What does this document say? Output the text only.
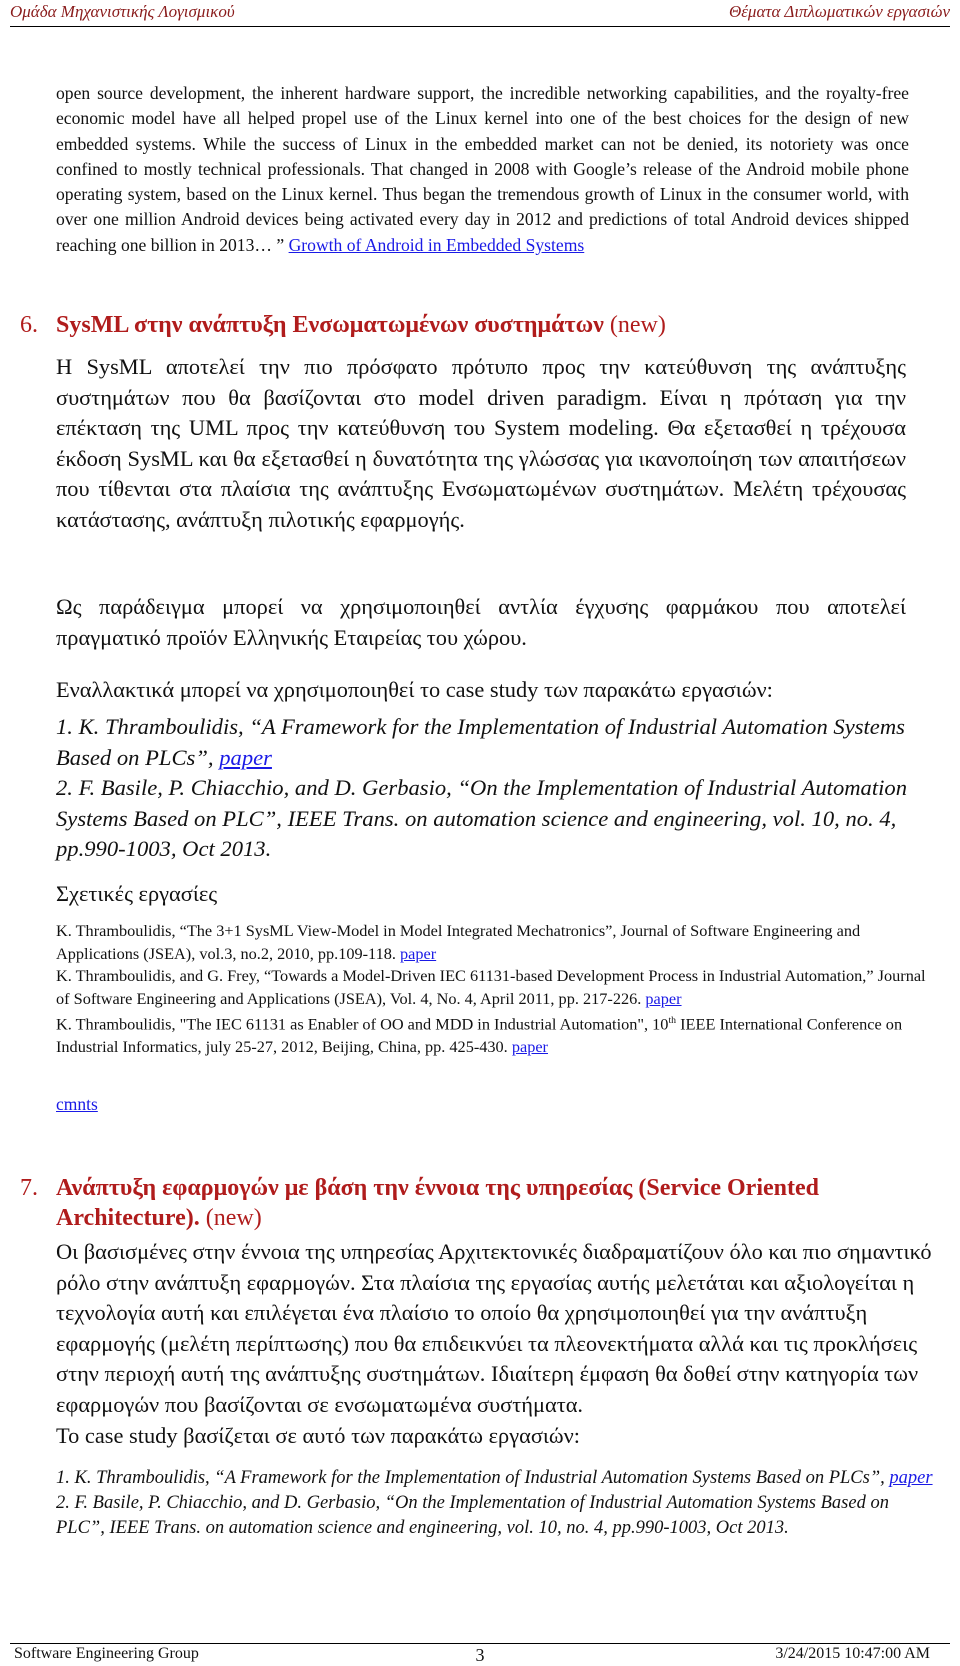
Ομάδα Μηχανιστικής Λογισμικού	Θέματα Διπλωματικών εργασιών
open source development, the inherent hardware support, the incredible networking capabilities, and the royalty-free economic model have all helped propel use of the Linux kernel into one of the best choices for the design of new embedded systems. While the success of Linux in the embedded market can not be denied, its notoriety was once confined to mostly technical professionals. That changed in 2008 with Google’s release of the Android mobile phone operating system, based on the Linux kernel. Thus began the tremendous growth of Linux in the consumer world, with over one million Android devices being activated every day in 2012 and predictions of total Android devices shipped reaching one billion in 2013… ” Growth of Android in Embedded Systems
6. SysML στην ανάπτυξη Ενσωματωμένων συστημάτων (new)
Η SysML αποτελεί την πιο πρόσφατο πρότυπο προς την κατεύθυνση της ανάπτυξης συστημάτων που θα βασίζονται στο model driven paradigm. Είναι η πρόταση για την επέκταση της UML προς την κατεύθυνση του System modeling. Θα εξετασθεί η τρέχουσα έκδοση SysML και θα εξετασθεί η δυνατότητα της γλώσσας για ικανοποίηση των απαιτήσεων που τίθενται στα πλαίσια της ανάπτυξης Ενσωματωμένων συστημάτων. Μελέτη τρέχουσας κατάστασης, ανάπτυξη πιλοτικής εφαρμογής.
Ως παράδειγμα μπορεί να χρησιμοποιηθεί αντλία έγχυσης φαρμάκου που αποτελεί πραγματικό προϊόν Ελληνικής Εταιρείας του χώρου.
Εναλλακτικά μπορεί να χρησιμοποιηθεί το case study των παρακάτω εργασιών:
1. K. Thramboulidis, “A Framework for the Implementation of Industrial Automation Systems Based on PLCs”, paper
2. F. Basile, P. Chiacchio, and D. Gerbasio, “On the Implementation of Industrial Automation Systems Based on PLC”, IEEE Trans. on automation science and engineering, vol. 10, no. 4, pp.990-1003, Oct 2013.
Σχετικές εργασίες
K. Thramboulidis, “The 3+1 SysML View-Model in Model Integrated Mechatronics”, Journal of Software Engineering and Applications (JSEA), vol.3, no.2, 2010, pp.109-118. paper
K. Thramboulidis, and G. Frey, “Towards a Model-Driven IEC 61131-based Development Process in Industrial Automation,” Journal of Software Engineering and Applications (JSEA), Vol. 4, No. 4, April 2011, pp. 217-226. paper
K. Thramboulidis, "The IEC 61131 as Enabler of OO and MDD in Industrial Automation", 10th IEEE International Conference on Industrial Informatics, july 25-27, 2012, Beijing, China, pp. 425-430. paper
cmnts
7. Ανάπτυξη εφαρμογών με βάση την έννοια της υπηρεσίας (Service Oriented Architecture). (new)
Οι βασισμένες στην έννοια της υπηρεσίας Αρχιτεκτονικές διαδραματίζουν όλο και πιο σημαντικό ρόλο στην ανάπτυξη εφαρμογών. Στα πλαίσια της εργασίας αυτής μελετάται και αξιολογείται η τεχνολογία αυτή και επιλέγεται ένα πλαίσιο το οποίο θα χρησιμοποιηθεί για την ανάπτυξη εφαρμογής (μελέτη περίπτωσης) που θα επιδεικνύει τα πλεονεκτήματα αλλά και τις προκλήσεις στην περιοχή αυτή της ανάπτυξης συστημάτων. Ιδιαίτερη έμφαση θα δοθεί στην κατηγορία των εφαρμογών που βασίζονται σε ενσωματωμένα συστήματα.
Το case study βασίζεται σε αυτό των παρακάτω εργασιών:
1. K. Thramboulidis, “A Framework for the Implementation of Industrial Automation Systems Based on PLCs”, paper
2. F. Basile, P. Chiacchio, and D. Gerbasio, “On the Implementation of Industrial Automation Systems Based on PLC”, IEEE Trans. on automation science and engineering, vol. 10, no. 4, pp.990-1003, Oct 2013.
Software Engineering Group	3	3/24/2015 10:47:00 AM
